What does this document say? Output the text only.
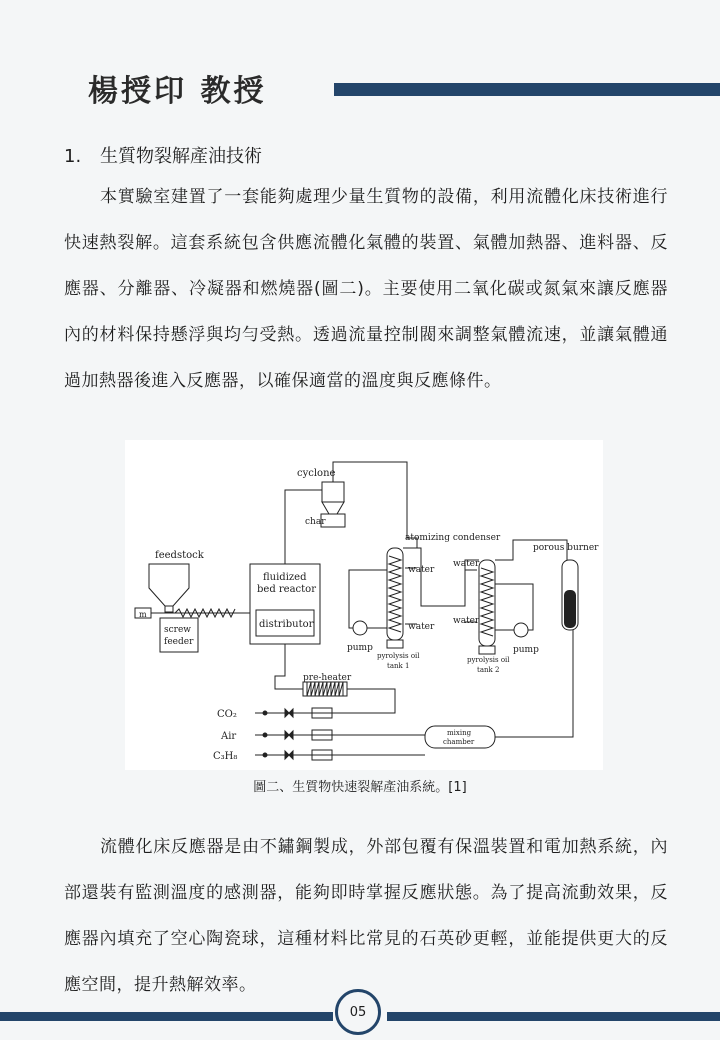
楊授印 教授
1. 生質物裂解產油技術
本實驗室建置了一套能夠處理少量生質物的設備，利用流體化床技術進行快速熱裂解。這套系統包含供應流體化氣體的裝置、氣體加熱器、進料器、反應器、分離器、冷凝器和燃燒器(圖二)。主要使用二氧化碳或氮氣來讓反應器內的材料保持懸浮與均勻受熱。透過流量控制閥來調整氣體流速，並讓氣體通過加熱器後進入反應器，以確保適當的溫度與反應條件。
cyclone
char
feedstock
m
screw
feeder
fluidized
bed reactor
distributor
atomizing condenser
porous burner
water
water
water
water
pump	pump
pyrolysis oil
tank 1
pyrolysis oil
tank 2
pre-heater
CO₂
Air
C₃H₈
mixing
chamber
圖二、生質物快速裂解產油系統。[1]
流體化床反應器是由不鏽鋼製成，外部包覆有保溫裝置和電加熱系統，內部還裝有監測溫度的感測器，能夠即時掌握反應狀態。為了提高流動效果，反應器內填充了空心陶瓷球，這種材料比常見的石英砂更輕，並能提供更大的反應空間，提升熱解效率。
05
